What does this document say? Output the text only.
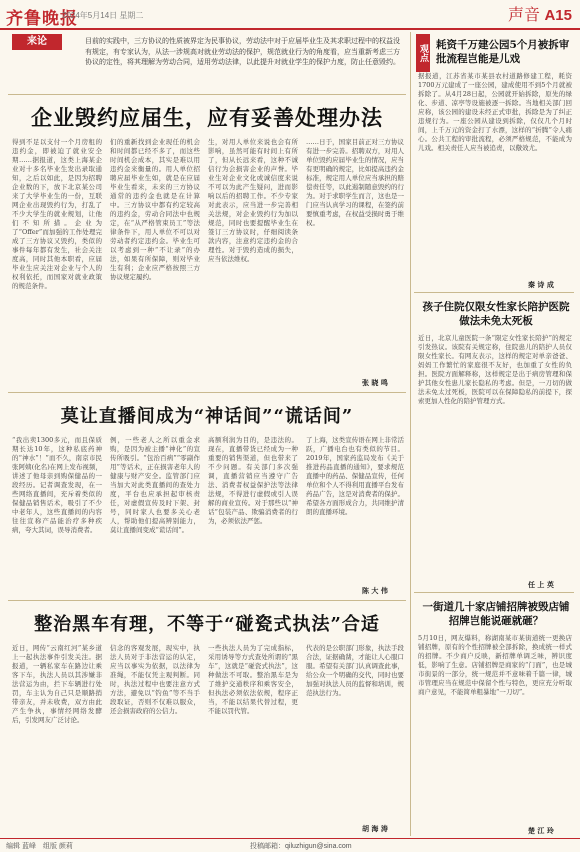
齐鲁晚报
2024年5月14日 星期二	声音 A15
来论
观点
目前的实践中，三方协议的性质被界定为民事协议，劳动法中对于应届毕业生及其求职过程中的权益没有规定，有专家认为，从法一涉规高对就业劳动法的保护，规范就业行为的角度看，应当重新考虑三方协议的定性，将其理解为劳动合同，适用劳动法律，以此提升对就业学生的保护力度，防止任意毁约。
企业毁约应届生，应有妥善处理办法
得到不足以支付一个月房租的违约金，即被迫了就业安全期……据报道，这类上海某企业对十多名毕业生发出录取通知，之后以如此，是因为招聘企业数的下，放下北京某公司来了大学毕业生的一份，互联网企业出现毁约行为，打乱了不少大学生的就业规划，让他们不知所措。企业为了“Offer”而加强的工作处理完成了三方协议又毁约，类似的事件每年都有发生，社会关注度高，同时其他本职看，应届毕业生应关注对企业与个人的权利依托，而国家对就业政策的规范条件。
们的重新找到企业现任的机会和时间都已经不多了，而这些时间机会成本，其实是难以用违约金来衡量的。用人单位招聘应届毕业生如，就是在应届毕业生看来，未来的三方协议通常的违约金也就是在计算中。三方协议中都有约定较高的违约金，劳动合同法中也规定，在“从严格管束员工”等法律条件下，用人单位不可以对劳动者约定违约金。毕业生可以考虑到一种“不让录”的办法，如果有所保障，则对毕业生有利；企业应严格按照三方协议规定履约。
生，对用人单位来说也会有所影响，虽然可能有时间上有所了，但从长远来看，这种不诚信行为会损害企业的声誉。毕业生对企业文化或诚信度来说不可以为此产生疑问，进而影响以后的招聘工作。不少专家对此表示，应当进一步完善相关法规，对企业毁约行为加以规范，同时也要提醒毕业生在签订三方协议时，仔细阅读条款内容，注意约定违约金的合理性。对于毁约造成的损失，应当依法维权。
……日于，国家目前正对三方协议有进一步完善。招聘双方，对用人单位毁约应届毕业生的情况，应当有更明确的规定，比如提高违约金标准，规定用人单位应当承担的赔偿责任等，以此遏制随意毁约的行为。对于求职学生而言，这也是一门应当认真学习的课程，在签约前要慎重考虑，在权益受损时勇于维权。
张 晓 鸣
莫让直播间成为“神话间”“谎话间”
“我出卖1300多元，而且保质期长达10年，这种私底药神的“神水”！”而不久，南京市民张阿姨(化名)在网上发布视频，讲述了他母亲到购保健品的一段经历。记者调查发现，在一些网络直播间，充斥着类似的保健品销售话术，吸引了不少中老年人，这些直播间的内容往往宣称产品能治疗多种疾病，夸大其词，误导消费者。
例，一些老人之所以重金求购，是因为被主播“神化”的宣传所吸引。“包治百病”“零副作用”等话术，正在损害老年人的健康与财产安全。监管部门应当加大对此类直播间的查处力度，平台也应承担起审核责任，对虚假宣传及时下架、封号，同时家人也要多关心老人，帮助他们提高辨别能力，莫让直播间变成“谎话间”。
高额利润为目的，是违法的。现在，直播带货已经成为一种重要的销售渠道，但也带来了不少问题。有关部门多次强调，直播营销应当遵守广告法、消费者权益保护法等法律法规，不得进行虚假或引人误解的商业宣传。对于那些以“神话”包装产品、欺骗消费者的行为，必须依法严惩。
了上海，这类宣传语在网上非常活跃，广播电台也有类似的节目。2019年，国家药监局发布《关于推进药品直播的通知》，要求规范直播中的药品、保健品宣传，任何单位和个人不得利用直播平台发布药品广告，这是对消费者的保护。希望各方面形成合力，共同维护清朗的直播环境。
陈 大 伟
整治黑车有理，不等于“碰瓷式执法”合适
近日，网传“云南红河”某乡道上一起执法事件引发关注。据报道，一辆私家车在路边让乘客下车，执法人员以其涉嫌非法营运为由，拦下车辆进行处罚，车主认为自己只是顺路捎带亲友，并未收费，双方由此产生争执，事情经网络发酵后，引发网友广泛讨论。
信念的客观发展，现实中，执法人员对于非法营运的认定，应当以事实为依据，以法律为准绳，不能仅凭主观判断。同时，执法过程中也要注意方式方法，避免以“钓鱼”等不当手段取证，否则不仅难以服众，还会损害政府的公信力。
一些执法人员为了完成指标，采用诱导等方式查处所谓的“黑车”，这就是“碰瓷式执法”，这种做法不可取。整治黑车是为了维护交通秩序和乘客安全，但执法必须依法依规，程序正当，不能以结果代替过程，更不能以罚代管。
代表的是公职部门形象，执法手段合法，证据确凿，才能让人心服口服。希望有关部门认真调查此事，给公众一个明确的交代，同时也要加强对执法人员的监督和培训，规范执法行为。
胡 海 涛
耗资千万建公园5个月被拆审批流程岂能是儿戏
据报道，江苏省某市某县农村道路修建工程，耗资1700万元建成了一座公园，建成使用不到5个月就被拆除了。从4月28日起，公园就开始拆除，原先的绿化、步道、凉亭等设施被逐一拆除。当地相关部门回应称，该公园的建设未经正式审批，拆除是为了纠正违规行为。一座公园从建设到拆除，仅仅几个月时间，上千万元的资金打了水漂，这样的“折腾”令人痛心。公共工程的审批流程，必须严格规范，不能成为儿戏。相关责任人应当被追责，以儆效尤。
秦 诗 成
孩子住院仅限女性家长陪护医院做法未免太死板
近日，北京儿童医院一条“限定女性家长陪护”的规定引发热议。该院有关规定称，住院患儿的陪护人员仅限女性家长。有网友表示，这样的规定对单亲爸爸、妈妈工作繁忙的家庭很不友好，也加重了女性的负担。医院方面解释称，这样规定是出于病房管理和保护其他女性患儿家长隐私的考虑。但是，一刀切的做法未免太过死板，医院可以在保障隐私的前提下，探索更加人性化的陪护管理方式。
任 上 英
一街道几十家店铺招牌被毁店铺招牌岂能说砸就砸？
5月10日，网友爆料，称湖南某市某街道统一更换店铺招牌，原有的个性招牌被全部拆除，换成统一样式的招牌。不少商户反映，新招牌单调乏味，辨识度低，影响了生意。店铺招牌是商家的“门面”，也是城市街景的一部分，统一规范并不意味着千篇一律，城市管理应当在规范中保留个性与特色，更应充分听取商户意见，不能简单粗暴地“一刀切”。
楚 江 玲
编辑 蓝峰　组版 颜莉	投稿邮箱：qiluzhigun@sina.com
